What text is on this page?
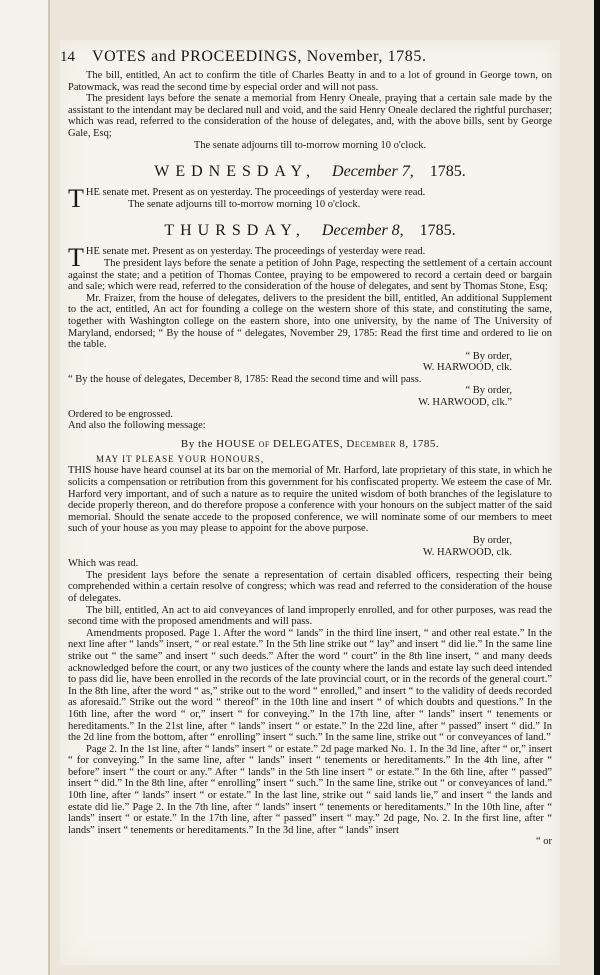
14 VOTES and PROCEEDINGS, November, 1785.

The bill, entitled, An act to confirm the title of Charles Beatty in and to a lot of ground in George town, on Patowmack, was read the second time by especial order and will not pass.

The president lays before the senate a memorial from Henry Oneale, praying that a certain sale made by the assistant to the intendant may be declared null and void, and the said Henry Oneale declared the rightful purchaser; which was read, referred to the consideration of the house of delegates, and, with the above bills, sent by George Gale, Esq;

The senate adjourns till to-morrow morning 10 o'clock.

WEDNESDAY, December 7, 1785.
T HE senate met. Present as on yesterday. The proceedings of yesterday were read.

The senate adjourns till to-morrow morning 10 o'clock.

THURSDAY, December 8, 1785.
T HE senate met. Present as on yesterday. The proceedings of yesterday were read.

The president lays before the senate a petition of John Page, respecting the settlement of a certain account against the state; and a petition of Thomas Contee, praying to be empowered to record a certain deed or bargain and sale; which were read, referred to the consideration of the house of delegates, and sent by Thomas Stone, Esq;

Mr. Fraizer, from the house of delegates, delivers to the president the bill, entitled, An additional Supplement to the act, entitled, An act for founding a college on the western shore of this state, and constituting the same, together with Washington college on the eastern shore, into one university, by the name of The University of Maryland, endorsed; “ By the house of “ delegates, November 29, 1785: Read the first time and ordered to lie on the table.

“ By order,

W. HARWOOD, clk.

“ By the house of delegates, December 8, 1785: Read the second time and will pass.

“ By order,

W. HARWOOD, clk.”

Ordered to be engrossed.

And also the following message:

By the HOUSE of DELEGATES, December 8, 1785.

MAY IT PLEASE YOUR HONOURS,

THIS house have heard counsel at its bar on the memorial of Mr. Harford, late proprietary of this state, in which he solicits a compensation or retribution from this government for his confiscated property. We esteem the case of Mr. Harford very important, and of such a nature as to require the united wisdom of both branches of the legislature to decide properly thereon, and do therefore propose a conference with your honours on the subject matter of the said memorial. Should the senate accede to the proposed conference, we will nominate some of our members to meet such of your house as you may please to appoint for the above purpose.

By order,

W. HARWOOD, clk.

Which was read.

The president lays before the senate a representation of certain disabled officers, respecting their being comprehended within a certain resolve of congress; which was read and referred to the consideration of the house of delegates.

The bill, entitled, An act to aid conveyances of land improperly enrolled, and for other purposes, was read the second time with the proposed amendments and will pass.

Amendments proposed. Page 1. After the word “ lands” in the third line insert, “ and other real estate.” In the next line after “ lands” insert, “ or real estate.” In the 5th line strike out “ lay” and insert “ did lie.” In the same line strike out “ the same” and insert “ such deeds.” After the word “ court” in the 8th line insert, “ and many deeds acknowledged before the court, or any two justices of the county where the lands and estate lay such deed intended to pass did lie, have been enrolled in the records of the late provincial court, or in the records of the general court.” In the 8th line, after the word “ as,” strike out to the word “ enrolled,” and insert “ to the validity of deeds recorded as aforesaid.” Strike out the word “ thereof” in the 10th line and insert “ of which doubts and questions.” In the 16th line, after the word “ or,” insert “ for conveying.” In the 17th line, after “ lands” insert “ tenements or hereditaments.” In the 21st line, after “ lands” insert “ or estate.” In the 22d line, after “ passed” insert “ did.” In the 2d line from the bottom, after “ enrolling” insert “ such.” In the same line, strike out “ or conveyances of land.”

Page 2. In the 1st line, after “ lands” insert “ or estate.” 2d page marked No. 1. In the 3d line, after “ or,” insert “ for conveying.” In the same line, after “ lands” insert “ tenements or hereditaments.” In the 4th line, after “ before” insert “ the court or any.” After “ lands” in the 5th line insert “ or estate.” In the 6th line, after “ passed” insert “ did.” In the 8th line, after “ enrolling” insert “ such.” In the same line, strike out “ or conveyances of land.” 10th line, after “ lands” insert “ or estate.” In the last line, strike out “ said lands lie,” and insert “ the lands and estate did lie.” Page 2. In the 7th line, after “ lands” insert “ tenements or hereditaments.” In the 10th line, after “ lands” insert “ or estate.” In the 17th line, after “ passed” insert “ may.” 2d page, No. 2. In the first line, after “ lands” insert “ tenements or hereditaments.” In the 3d line, after “ lands” insert

“ or
